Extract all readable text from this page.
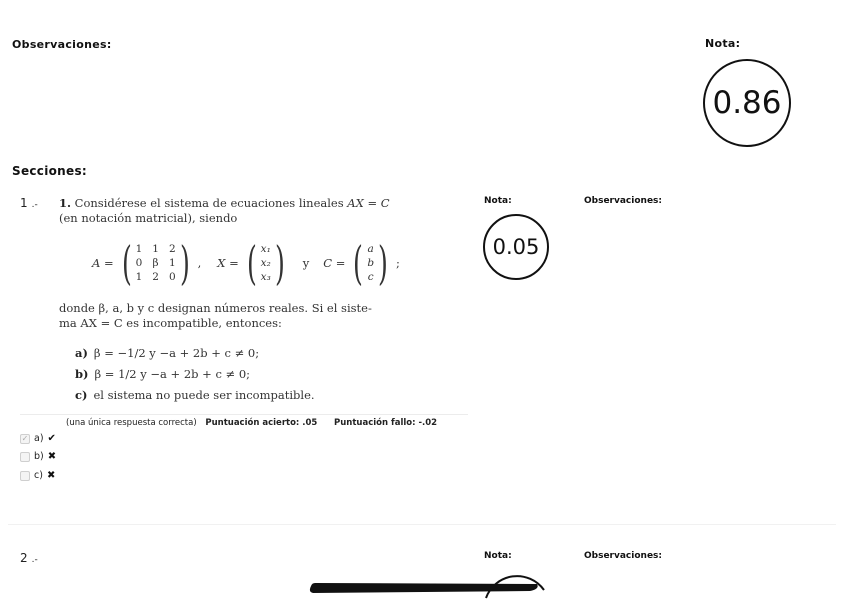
Observaciones:	Nota:
0.86
Secciones:
1 .- 1. Considérese el sistema de ecuaciones lineales AX = C
(en notación matricial), siendo
A = ( 1 1 2
0 β 1
1 2 0 ) , X = ( x₁
x₂
x₃ ) y C = ( a
b
c ) ;
donde β, a, b y c designan números reales. Si el siste-
ma AX = C es incompatible, entonces:
a) β = −1/2 y −a + 2b + c ≠ 0;
b) β = 1/2 y −a + 2b + c ≠ 0;
c) el sistema no puede ser incompatible.
(una única respuesta correcta) Puntuación acierto: .05 Puntuación fallo: -.02
✓ a) ✔
b) ✖
c) ✖
Nota:	Observaciones:
0.05
2 .-	Nota:	Observaciones:
